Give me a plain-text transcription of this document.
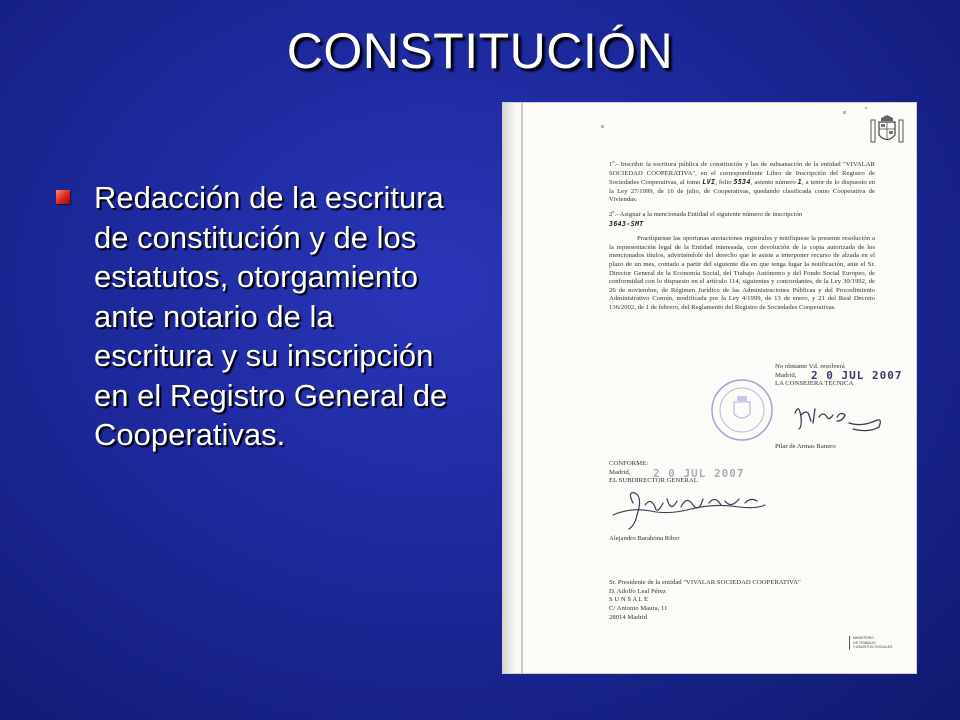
CONSTITUCIÓN

Redacción de la escritura de constitución y de los estatutos, otorgamiento ante notario de la escritura y su inscripción en el Registro General de Cooperativas.

1º.- Inscribir la escritura pública de constitución y las de subsanación de la entidad "VIVALAR SOCIEDAD COOPERATIVA", en el correspondiente Libro de Inscripción del Registro de Sociedades Cooperativas, al tomo LVI, folio 5534, asiento número 1, a tenor de lo dispuesto en la Ley 27/1999, de 16 de julio, de Cooperativas, quedando clasificada como Cooperativa de Viviendas.

2º.- Asignar a la mencionada Entidad el siguiente número de inscripción
3643-SMT

Practíquense las oportunas anotaciones registrales y notifíquese la presente resolución a la representación legal de la Entidad interesada, con devolución de la copia autorizada de los mencionados títulos, advirtiéndole del derecho que le asiste a interponer recurso de alzada en el plazo de un mes, contado a partir del siguiente día en que tenga lugar la notificación, ante el Sr. Director General de la Economía Social, del Trabajo Autónomo y del Fondo Social Europeo, de conformidad con lo dispuesto en el artículo 114, siguientes y concordantes, de la Ley 30/1992, de 26 de noviembre, de Régimen Jurídico de las Administraciones Públicas y del Procedimiento Administrativo Común, modificada por la Ley 4/1999, de 13 de enero, y 21 del Real Decreto 136/2002, de 1 de febrero, del Reglamento del Registro de Sociedades Cooperativas.

No obstante Vd. resolverá
Madrid,
LA CONSEJERA TÉCNICA
2 0 JUL 2007
Pilar de Armas Ranero
CONFORME:
Madrid,
EL SUBDIRECTOR GENERAL
2 0 JUL 2007
Alejandro Barahona Riber
Sr. Presidente de la entidad "VIVALAR SOCIEDAD COOPERATIVA"
D. Adolfo Leal Pérez
S U N S A L E
C/ Antonio Maura, 11
28014 Madrid
MINISTERIO
DE TRABAJO
Y ASUNTOS SOCIALES
